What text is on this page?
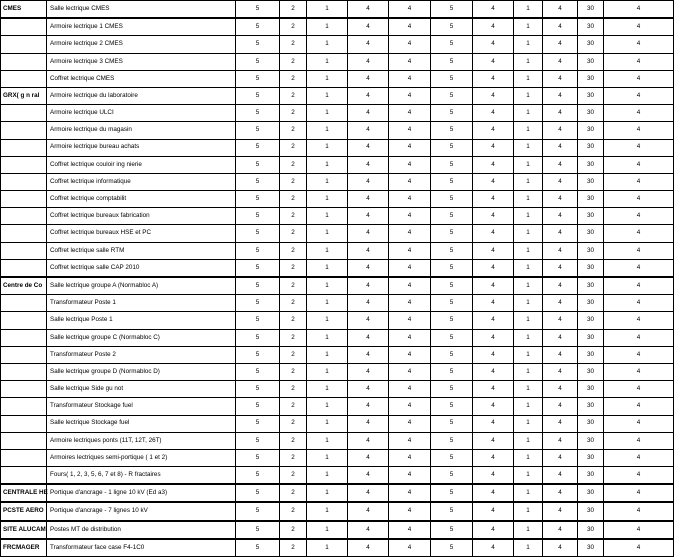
CMES	Salle lectrique CMES	5	2	1	4	4	5	4	1	4	30	4	
	Armoire lectrique 1 CMES	5	2	1	4	4	5	4	1	4	30	4	
	Armoire lectrique 2 CMES	5	2	1	4	4	5	4	1	4	30	4	
	Armoire lectrique 3 CMES	5	2	1	4	4	5	4	1	4	30	4	
	Coffret lectrique CMES	5	2	1	4	4	5	4	1	4	30	4	
GRX( g n ral	Armoire lectrique du laboratoire	5	2	1	4	4	5	4	1	4	30	4	
	Armoire lectrique ULCI	5	2	1	4	4	5	4	1	4	30	4	
	Armoire lectrique du magasin	5	2	1	4	4	5	4	1	4	30	4	
	Armoire lectrique bureau achats	5	2	1	4	4	5	4	1	4	30	4	
	Coffret lectrique couloir ing nierie	5	2	1	4	4	5	4	1	4	30	4	
	Coffret lectrique informatique	5	2	1	4	4	5	4	1	4	30	4	
	Coffret lectrique comptabilit	5	2	1	4	4	5	4	1	4	30	4	
	Coffret lectrique bureaux fabrication	5	2	1	4	4	5	4	1	4	30	4	
	Coffret lectrique bureaux HSE et PC	5	2	1	4	4	5	4	1	4	30	4	
	Coffret lectrique salle RTM	5	2	1	4	4	5	4	1	4	30	4	
	Coffret lectrique salle CAP 2010	5	2	1	4	4	5	4	1	4	30	4	
Centre de Co	Salle lectrique groupe A (Normabloc A)	5	2	1	4	4	5	4	1	4	30	4	
	Transformateur Poste 1	5	2	1	4	4	5	4	1	4	30	4	
	Salle lectrique Poste 1	5	2	1	4	4	5	4	1	4	30	4	
	Salle lectrique groupe C (Normabloc C)	5	2	1	4	4	5	4	1	4	30	4	
	Transformateur Poste 2	5	2	1	4	4	5	4	1	4	30	4	
	Salle lectrique groupe D (Normabloc D)	5	2	1	4	4	5	4	1	4	30	4	
	Salle lectrique Side gu not	5	2	1	4	4	5	4	1	4	30	4	
	Transformateur Stockage fuel	5	2	1	4	4	5	4	1	4	30	4	
	Salle lectrique Stockage fuel	5	2	1	4	4	5	4	1	4	30	4	
	Armoire lectriques ponts (11T, 12T, 26T)	5	2	1	4	4	5	4	1	4	30	4	
	Armoires lectriques semi-portique ( 1 et 2)	5	2	1	4	4	5	4	1	4	30	4	
	Fours( 1, 2, 3, 5, 6, 7 et 8) - R fractaires	5	2	1	4	4	5	4	1	4	30	4	
CENTRALE HE	Portique d'ancrage - 1 ligne 10 kV (Ed a3)	5	2	1	4	4	5	4	1	4	30	4	
PCSTE AERO	Portique d'ancrage - 7 lignes 10 kV	5	2	1	4	4	5	4	1	4	30	4	
SITE ALUCAM	Postes MT de distribution	5	2	1	4	4	5	4	1	4	30	4	
FRCMAGER	Transformateur face case F4-1C0	5	2	1	4	4	5	4	1	4	30	4	
